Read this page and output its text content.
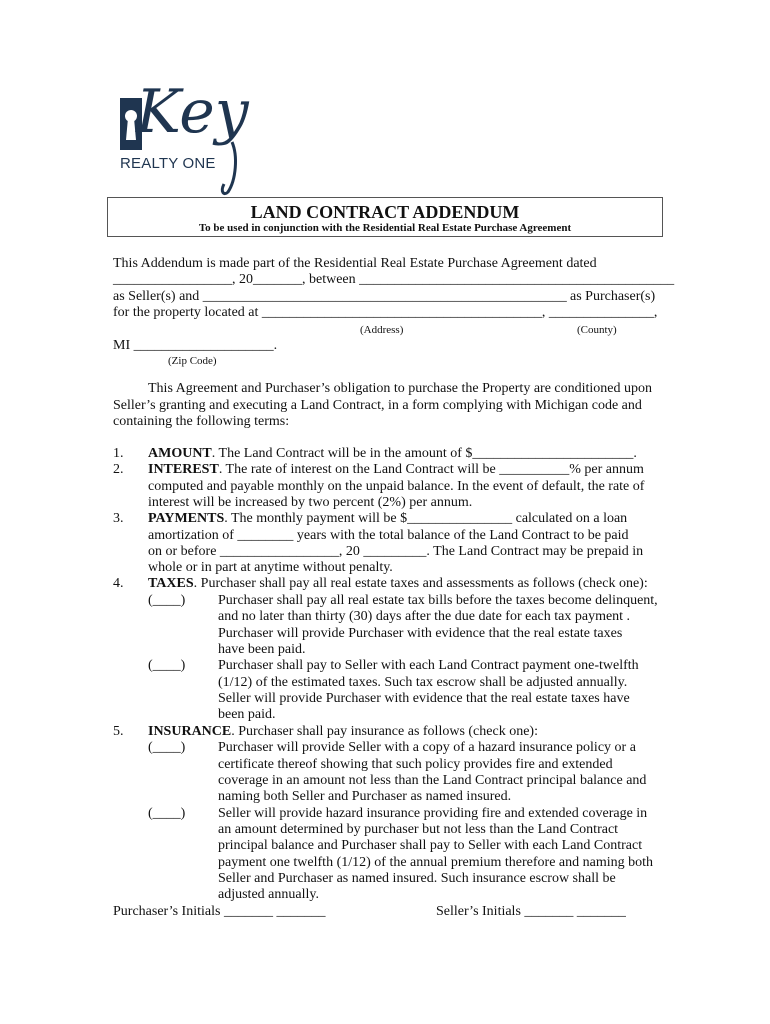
Key
REALTY ONE
LAND CONTRACT ADDENDUM
To be used in conjunction with the Residential Real Estate Purchase Agreement
This Addendum is made part of the Residential Real Estate Purchase Agreement dated
_________________, 20_______, between _____________________________________________
as Seller(s) and ____________________________________________________ as Purchaser(s)
for the property located at ________________________________________, _______________,
(Address)	(County)
MI ____________________.
(Zip Code)
This Agreement and Purchaser’s obligation to purchase the Property are conditioned upon
Seller’s granting and executing a Land Contract, in a form complying with Michigan code and
containing the following terms:
1. AMOUNT. The Land Contract will be in the amount of $_______________________.
2. INTEREST. The rate of interest on the Land Contract will be __________% per annum
computed and payable monthly on the unpaid balance. In the event of default, the rate of
interest will be increased by two percent (2%) per annum.
3. PAYMENTS. The monthly payment will be $_______________ calculated on a loan
amortization of ________ years with the total balance of the Land Contract to be paid
on or before _________________, 20 _________. The Land Contract may be prepaid in
whole or in part at anytime without penalty.
4. TAXES. Purchaser shall pay all real estate taxes and assessments as follows (check one):
(____) Purchaser shall pay all real estate tax bills before the taxes become delinquent,
and no later than thirty (30) days after the due date for each tax payment .
Purchaser will provide Purchaser with evidence that the real estate taxes
have been paid.
(____) Purchaser shall pay to Seller with each Land Contract payment one-twelfth
(1/12) of the estimated taxes. Such tax escrow shall be adjusted annually.
Seller will provide Purchaser with evidence that the real estate taxes have
been paid.
5. INSURANCE. Purchaser shall pay insurance as follows (check one):
(____) Purchaser will provide Seller with a copy of a hazard insurance policy or a
certificate thereof showing that such policy provides fire and extended
coverage in an amount not less than the Land Contract principal balance and
naming both Seller and Purchaser as named insured.
(____) Seller will provide hazard insurance providing fire and extended coverage in
an amount determined by purchaser but not less than the Land Contract
principal balance and Purchaser shall pay to Seller with each Land Contract
payment one twelfth (1/12) of the annual premium therefore and naming both
Seller and Purchaser as named insured. Such insurance escrow shall be
adjusted annually.
Purchaser’s Initials _______ _______	Seller’s Initials _______ _______
